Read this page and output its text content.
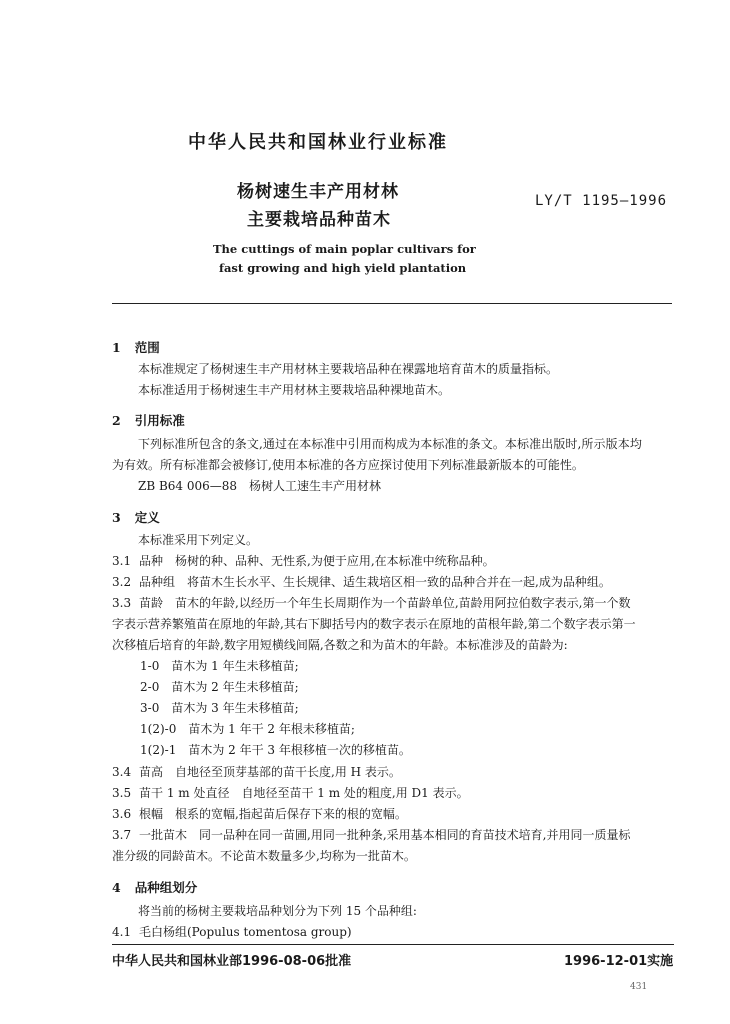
中华人民共和国林业行业标准
杨树速生丰产用材林
主要栽培品种苗木
LY/T 1195—1996
The cuttings of main poplar cultivars for
fast growing and high yield plantation
1 范围
本标准规定了杨树速生丰产用材林主要栽培品种在裸露地培育苗木的质量指标。
本标准适用于杨树速生丰产用材林主要栽培品种裸地苗木。
2 引用标准
下列标准所包含的条文,通过在本标准中引用而构成为本标准的条文。本标准出版时,所示版本均
为有效。所有标准都会被修订,使用本标准的各方应探讨使用下列标准最新版本的可能性。
ZB B64 006—88　杨树人工速生丰产用材林
3 定义
本标准采用下列定义。
3.1 品种　杨树的种、品种、无性系,为便于应用,在本标准中统称品种。
3.2 品种组　将苗木生长水平、生长规律、适生栽培区相一致的品种合并在一起,成为品种组。
3.3 苗龄　苗木的年龄,以经历一个年生长周期作为一个苗龄单位,苗龄用阿拉伯数字表示,第一个数
字表示营养繁殖苗在原地的年龄,其右下脚括号内的数字表示在原地的苗根年龄,第二个数字表示第一
次移植后培育的年龄,数字用短横线间隔,各数之和为苗木的年龄。本标准涉及的苗龄为:
1-0　苗木为 1 年生未移植苗;
2-0　苗木为 2 年生未移植苗;
3-0　苗木为 3 年生未移植苗;
1(2)-0　苗木为 1 年干 2 年根未移植苗;
1(2)-1　苗木为 2 年干 3 年根移植一次的移植苗。
3.4 苗高　自地径至顶芽基部的苗干长度,用 H 表示。
3.5 苗干 1 m 处直径　自地径至苗干 1 m 处的粗度,用 D1 表示。
3.6 根幅　根系的宽幅,指起苗后保存下来的根的宽幅。
3.7 一批苗木　同一品种在同一苗圃,用同一批种条,采用基本相同的育苗技术培育,并用同一质量标
准分级的同龄苗木。不论苗木数量多少,均称为一批苗木。
4 品种组划分
将当前的杨树主要栽培品种划分为下列 15 个品种组:
4.1 毛白杨组(Populus tomentosa group)
中华人民共和国林业部1996-08-06批准	1996-12-01实施
431
